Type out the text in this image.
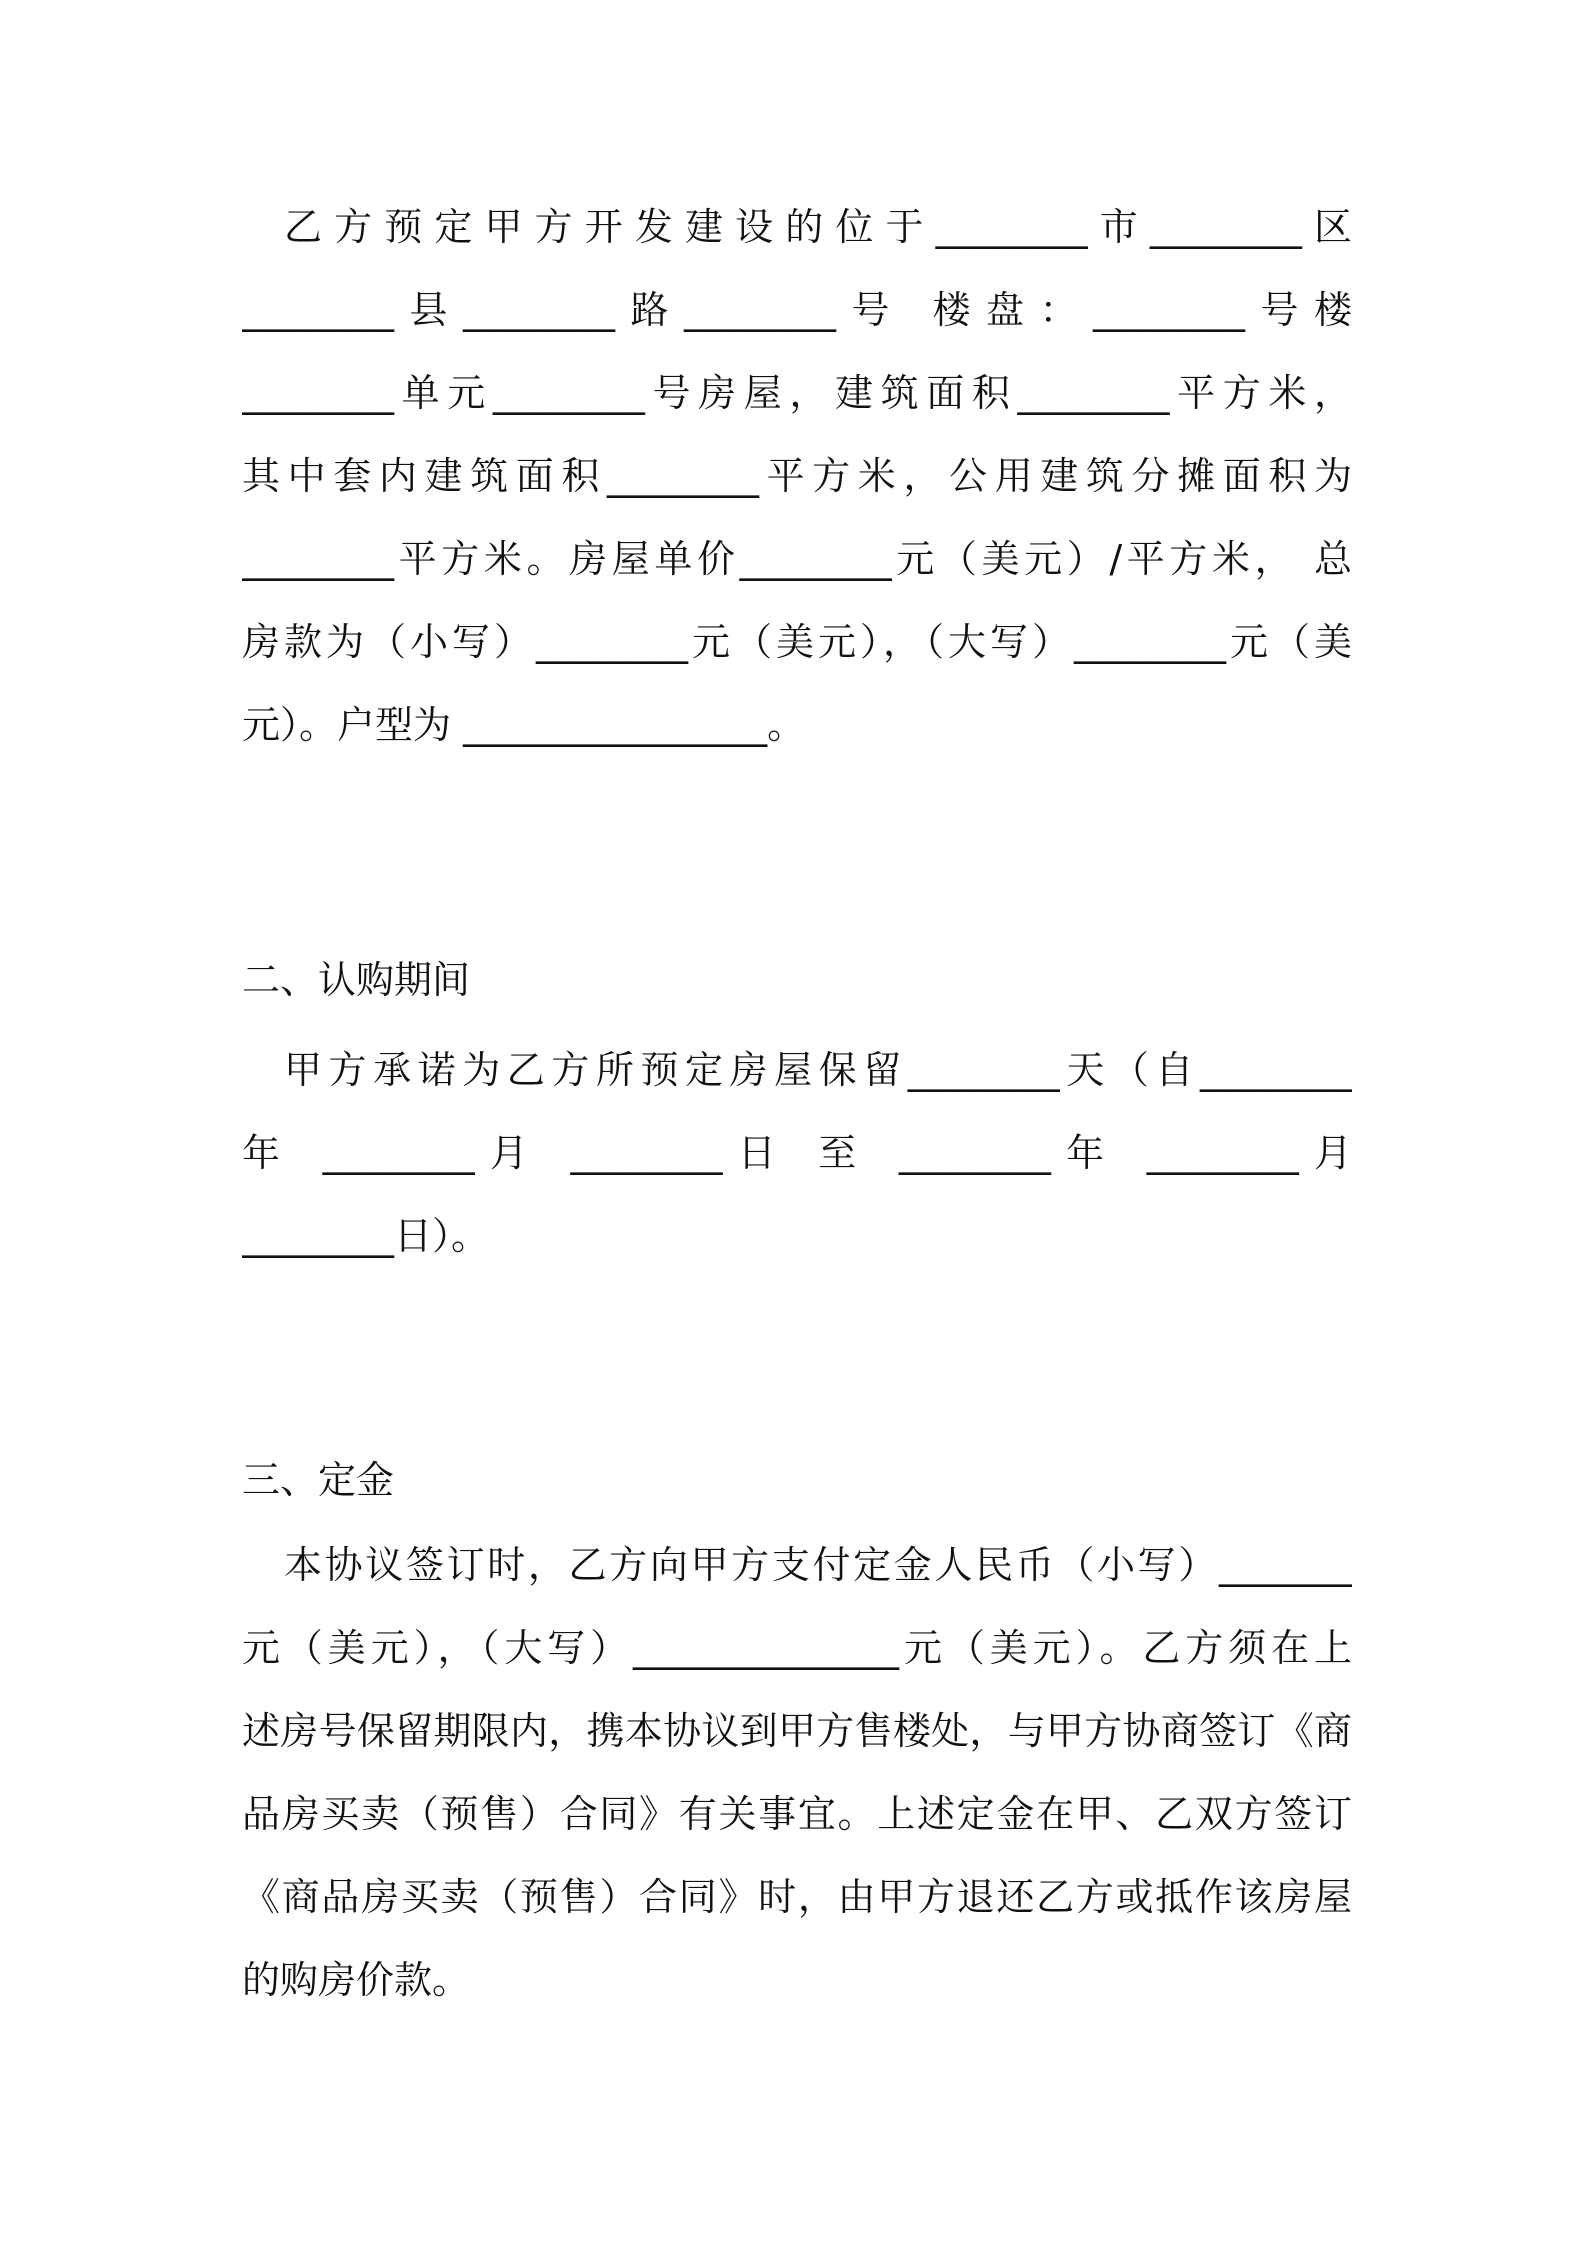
乙方预定甲方开发建设的位于________市________区
________县________路________号 楼盘：________号楼
________单元________号房屋，建筑面积________平方米，
其中套内建筑面积________平方米，公用建筑分摊面积为
________平方米。房屋单价________元（美元）/平方米， 总
房款为（小写）________元（美元），（大写）________元（美
元）。户型为 ________________。
二、认购期间
甲方承诺为乙方所预定房屋保留________天（自________
年 ________月 ________日 至 ________年 ________月
________日）。
三、定金
本协议签订时，乙方向甲方支付定金人民币（小写）_______
元（美元），（大写）______________元（美元）。乙方须在上
述房号保留期限内，携本协议到甲方售楼处，与甲方协商签订《商
品房买卖（预售）合同》有关事宜。上述定金在甲、乙双方签订
《商品房买卖（预售）合同》时，由甲方退还乙方或抵作该房屋
的购房价款。
